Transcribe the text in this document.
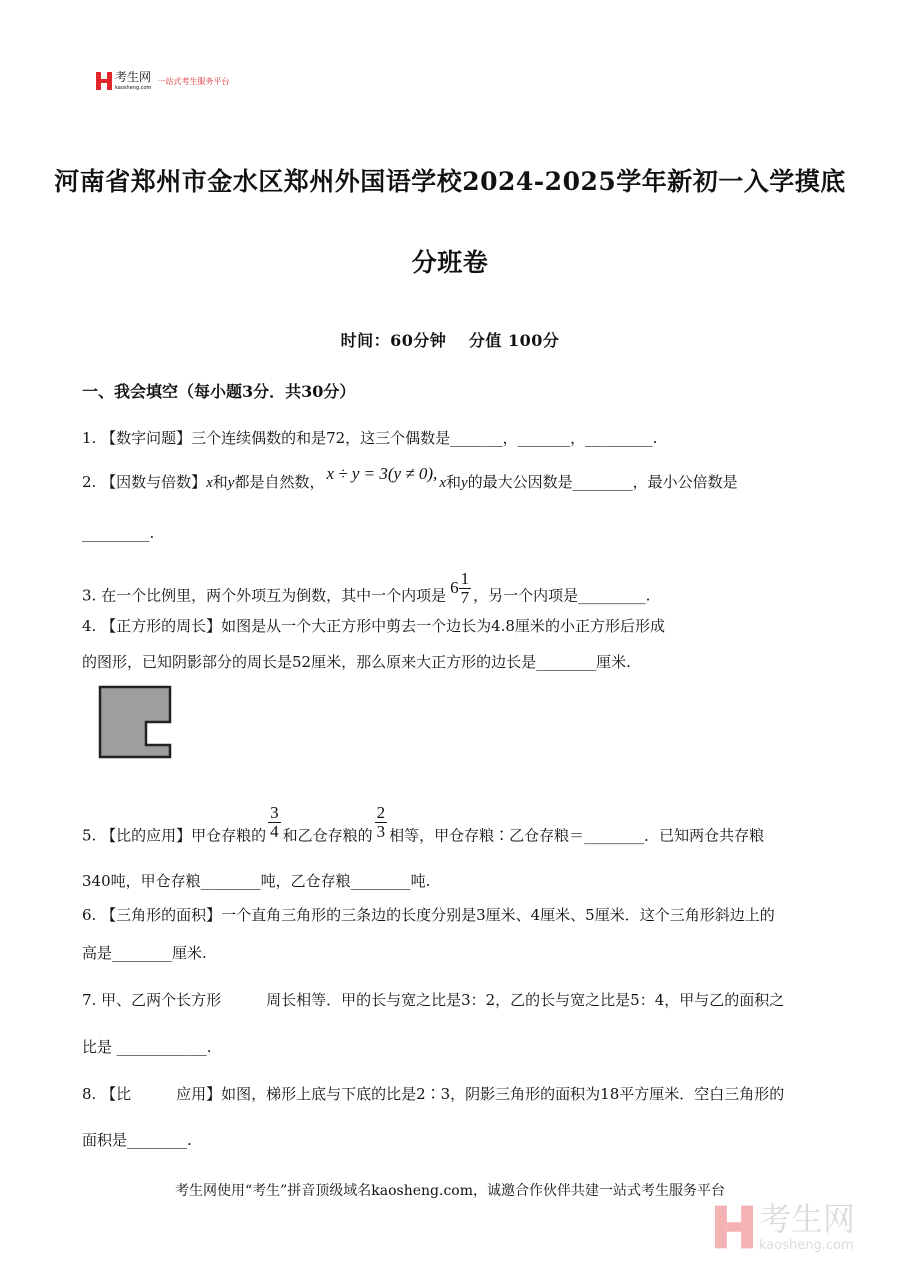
考生网
kaosheng.com
一站式考生服务平台
河南省郑州市金水区郑州外国语学校2024-2025学年新初一入学摸底
分班卷
时间：60分钟　 分值 100分
一、我会填空（每小题3分．共30分）
1. 【数字问题】三个连续偶数的和是72，这三个偶数是_______，_______，_________.
2. 【因数与倍数】x和y都是自然数， x ÷ y = 3(y ≠ 0), x和y的最大公因数是________，最小公倍数是
_________.
3. 在一个比例里，两个外项互为倒数，其中一个内项是 $6 \frac{1}{7}$ ，另一个内项是_________.
4. 【正方形的周长】如图是从一个大正方形中剪去一个边长为4.8厘米的小正方形后形成
的图形，已知阴影部分的周长是52厘米，那么原来大正方形的边长是________厘米.
5. 【比的应用】甲仓存粮的 $\frac{3}{4}$ 和乙仓存粮的 $\frac{2}{3}$ 相等，甲仓存粮∶乙仓存粮＝________．已知两仓共存粮
340吨，甲仓存粮________吨，乙仓存粮________吨.
6. 【三角形的面积】一个直角三角形的三条边的长度分别是3厘米、4厘米、5厘米．这个三角形斜边上的
高是________厘米.
7. 甲、乙两个长方形　　　周长相等．甲的长与宽之比是3：2，乙的长与宽之比是5：4，甲与乙的面积之
比是 ____________.
8. 【比　　　应用】如图，梯形上底与下底的比是2∶3，阴影三角形的面积为18平方厘米．空白三角形的
面积是________.
考生网使用“考生”拼音顶级域名kaosheng.com，诚邀合作伙伴共建一站式考生服务平台
考生网
kaosheng.com
